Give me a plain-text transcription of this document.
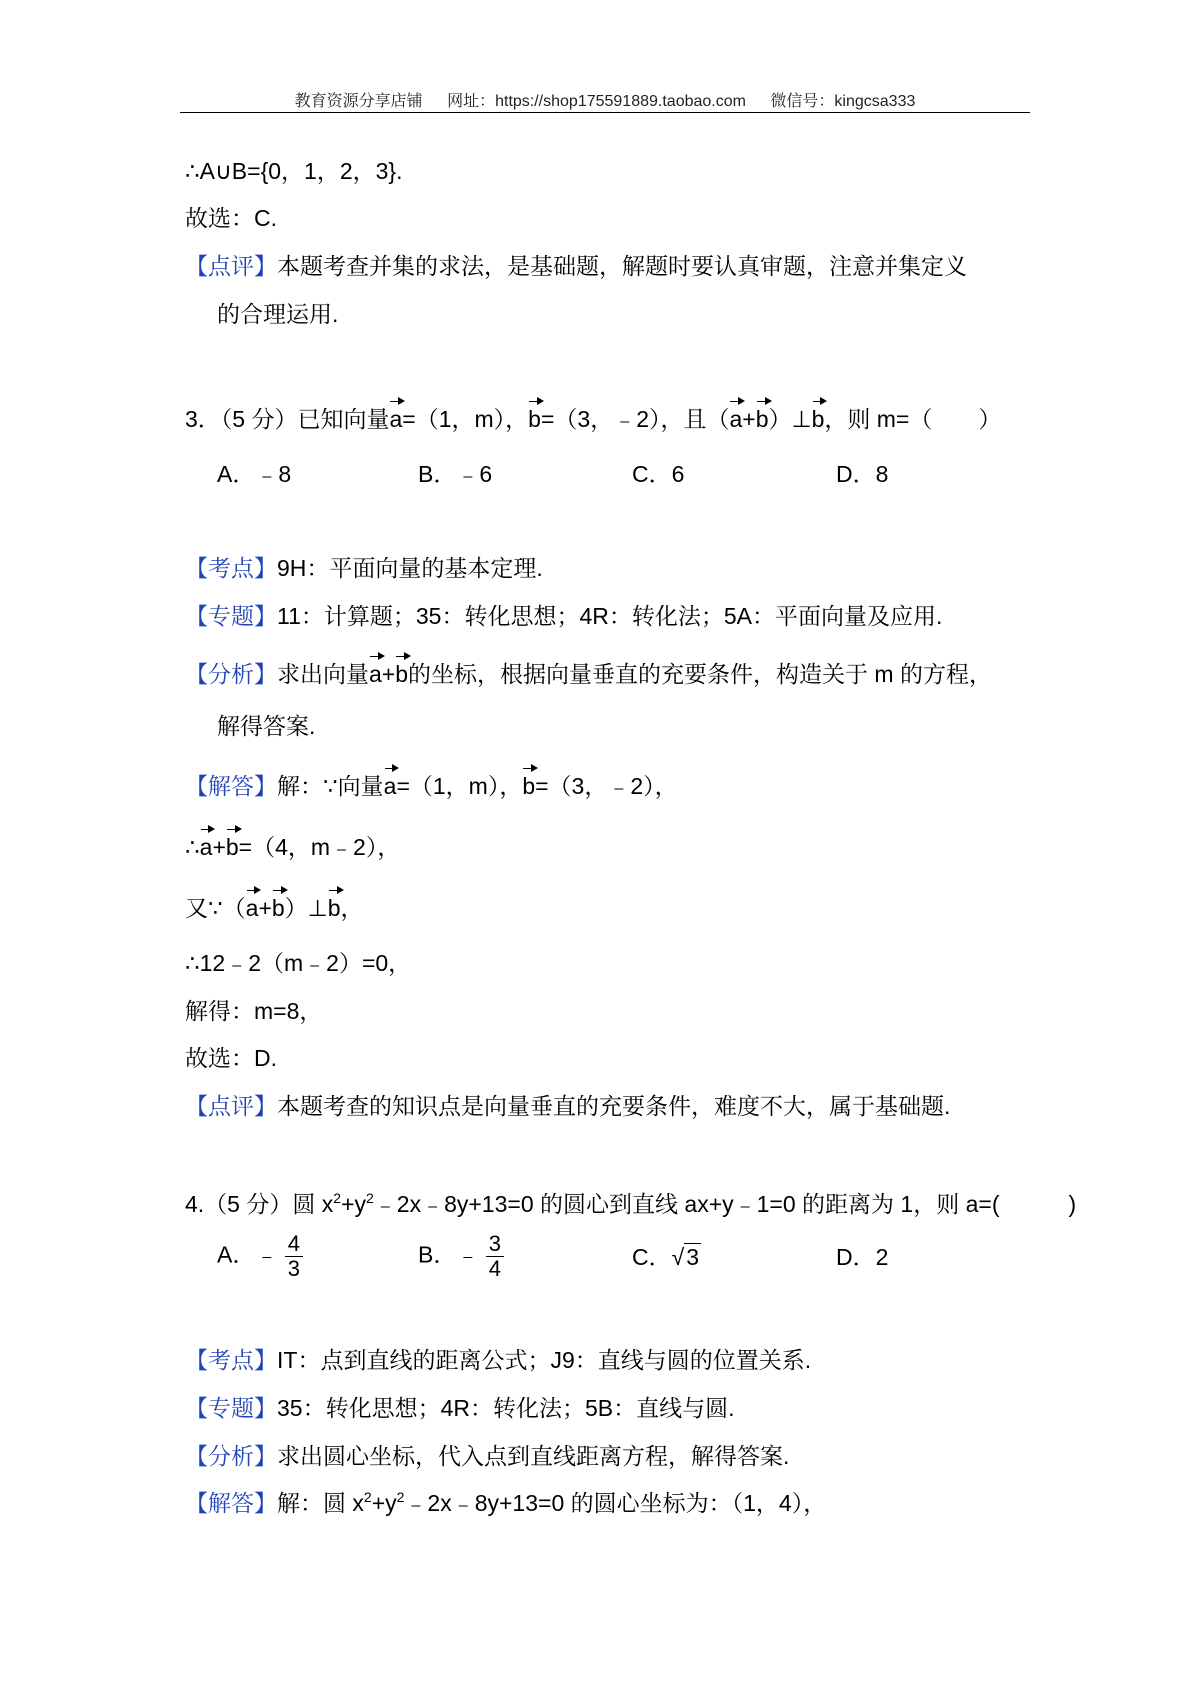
教育资源分享店铺 网址：https://shop175591889.taobao.com 微信号：kingcsa333
∴A∪B={0，1，2，3}.
故选：C.
【点评】本题考查并集的求法，是基础题，解题时要认真审题，注意并集定义
的合理运用.
3．（5 分）已知向量a=（1，m），b=（3，﹣2），且（a+b）⊥b，则 m=（　　）
A．﹣8	B．﹣6	C．6	D．8
【考点】9H：平面向量的基本定理.
【专题】11：计算题；35：转化思想；4R：转化法；5A：平面向量及应用.
【分析】求出向量a+b的坐标，根据向量垂直的充要条件，构造关于 m 的方程，
解得答案.
【解答】解：∵向量a=（1，m），b=（3，﹣2），
∴a+b=（4，m﹣2），
又∵（a+b）⊥b，
∴12﹣2（m﹣2）=0，
解得：m=8，
故选：D.
【点评】本题考查的知识点是向量垂直的充要条件，难度不大，属于基础题.
4.（5 分）圆 $x^2+y^2﹣2x﹣8y+13=0$ 的圆心到直线 ax+y﹣1=0 的距离为 1，则 a=(　　　)
A．﹣ $\frac{4}{3}$	B．﹣ $\frac{3}{4}$	C．√3	D．2
【考点】IT：点到直线的距离公式；J9：直线与圆的位置关系.
【专题】35：转化思想；4R：转化法；5B：直线与圆.
【分析】求出圆心坐标，代入点到直线距离方程，解得答案.
【解答】解：圆 $x^2+y^2﹣2x﹣8y+13=0$ 的圆心坐标为：（1，4），
